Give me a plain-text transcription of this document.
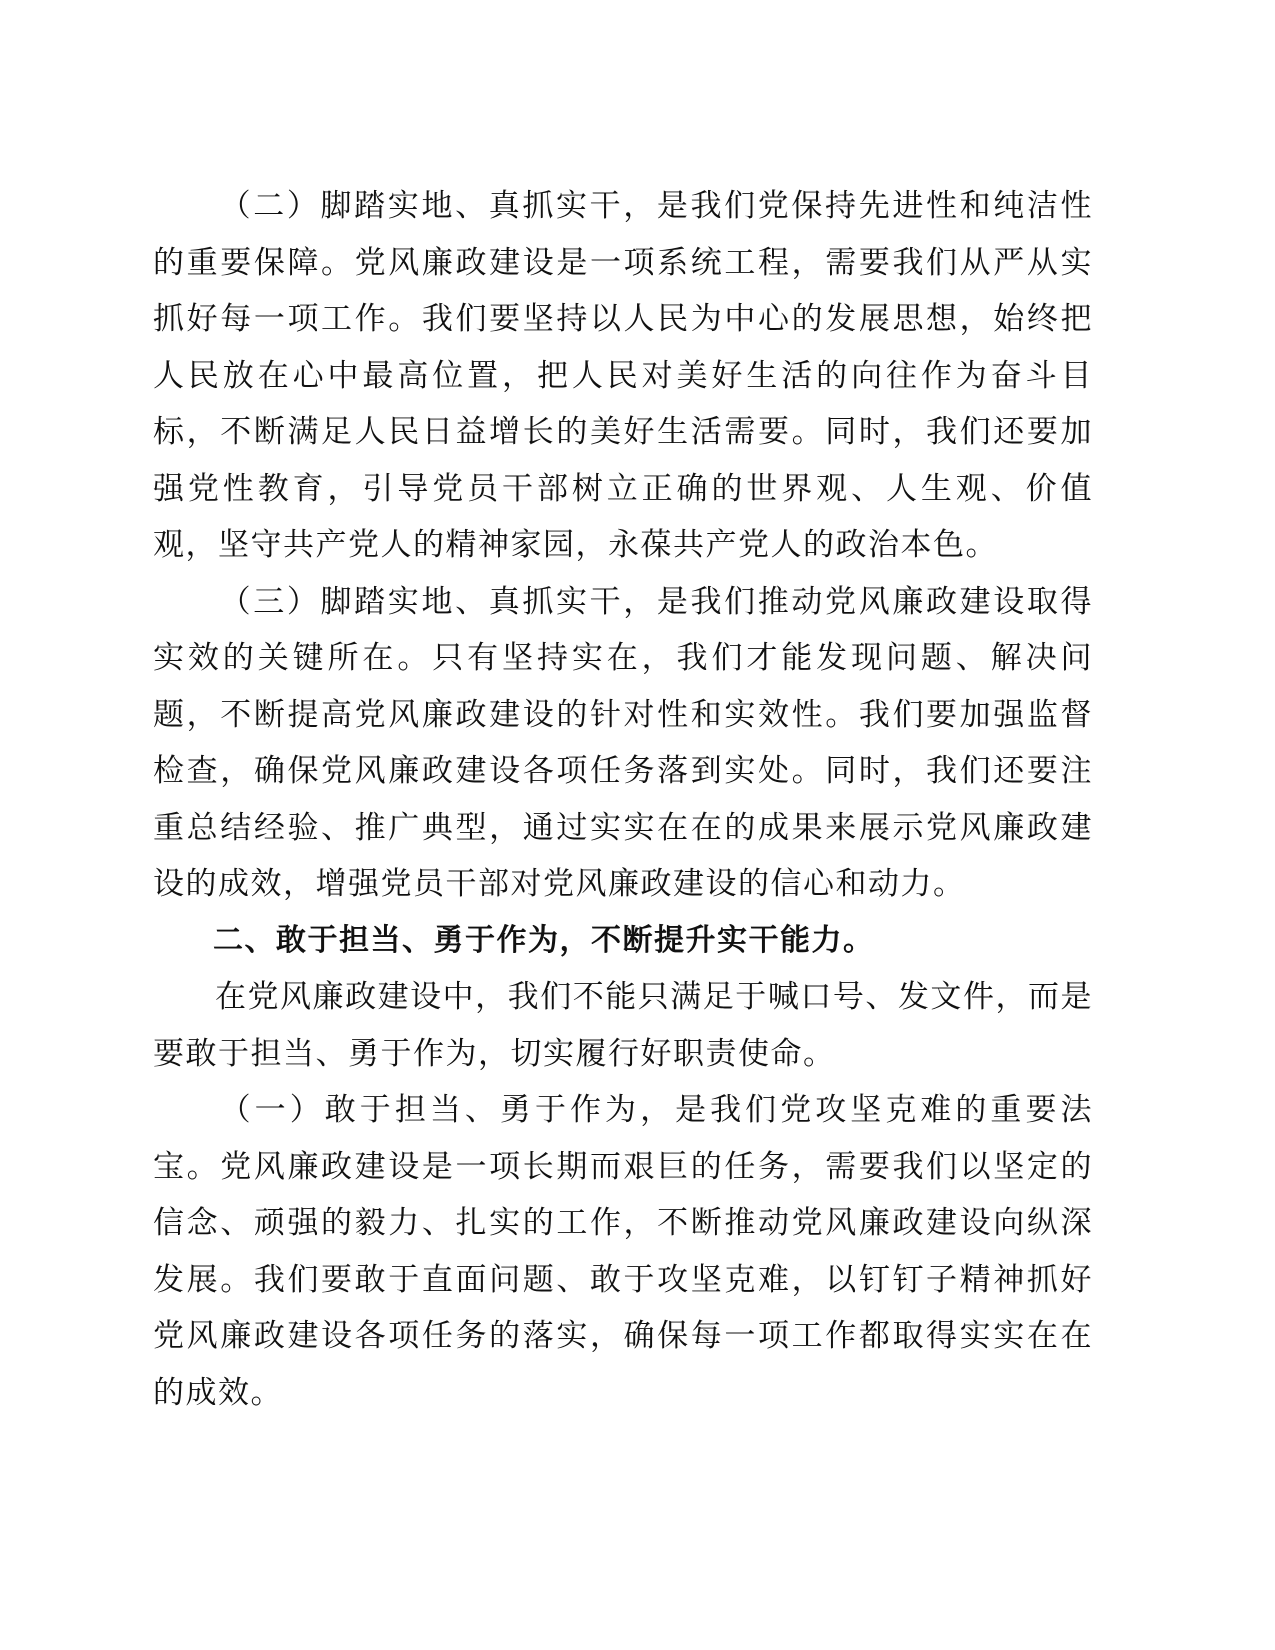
（二）脚踏实地、真抓实干，是我们党保持先进性和纯洁性的重要保障。党风廉政建设是一项系统工程，需要我们从严从实抓好每一项工作。我们要坚持以人民为中心的发展思想，始终把人民放在心中最高位置，把人民对美好生活的向往作为奋斗目标，不断满足人民日益增长的美好生活需要。同时，我们还要加强党性教育，引导党员干部树立正确的世界观、人生观、价值观，坚守共产党人的精神家园，永葆共产党人的政治本色。

（三）脚踏实地、真抓实干，是我们推动党风廉政建设取得实效的关键所在。只有坚持实在，我们才能发现问题、解决问题，不断提高党风廉政建设的针对性和实效性。我们要加强监督检查，确保党风廉政建设各项任务落到实处。同时，我们还要注重总结经验、推广典型，通过实实在在的成果来展示党风廉政建设的成效，增强党员干部对党风廉政建设的信心和动力。

二、敢于担当、勇于作为，不断提升实干能力。

在党风廉政建设中，我们不能只满足于喊口号、发文件，而是要敢于担当、勇于作为，切实履行好职责使命。

（一）敢于担当、勇于作为，是我们党攻坚克难的重要法宝。党风廉政建设是一项长期而艰巨的任务，需要我们以坚定的信念、顽强的毅力、扎实的工作，不断推动党风廉政建设向纵深发展。我们要敢于直面问题、敢于攻坚克难，以钉钉子精神抓好党风廉政建设各项任务的落实，确保每一项工作都取得实实在在的成效。
